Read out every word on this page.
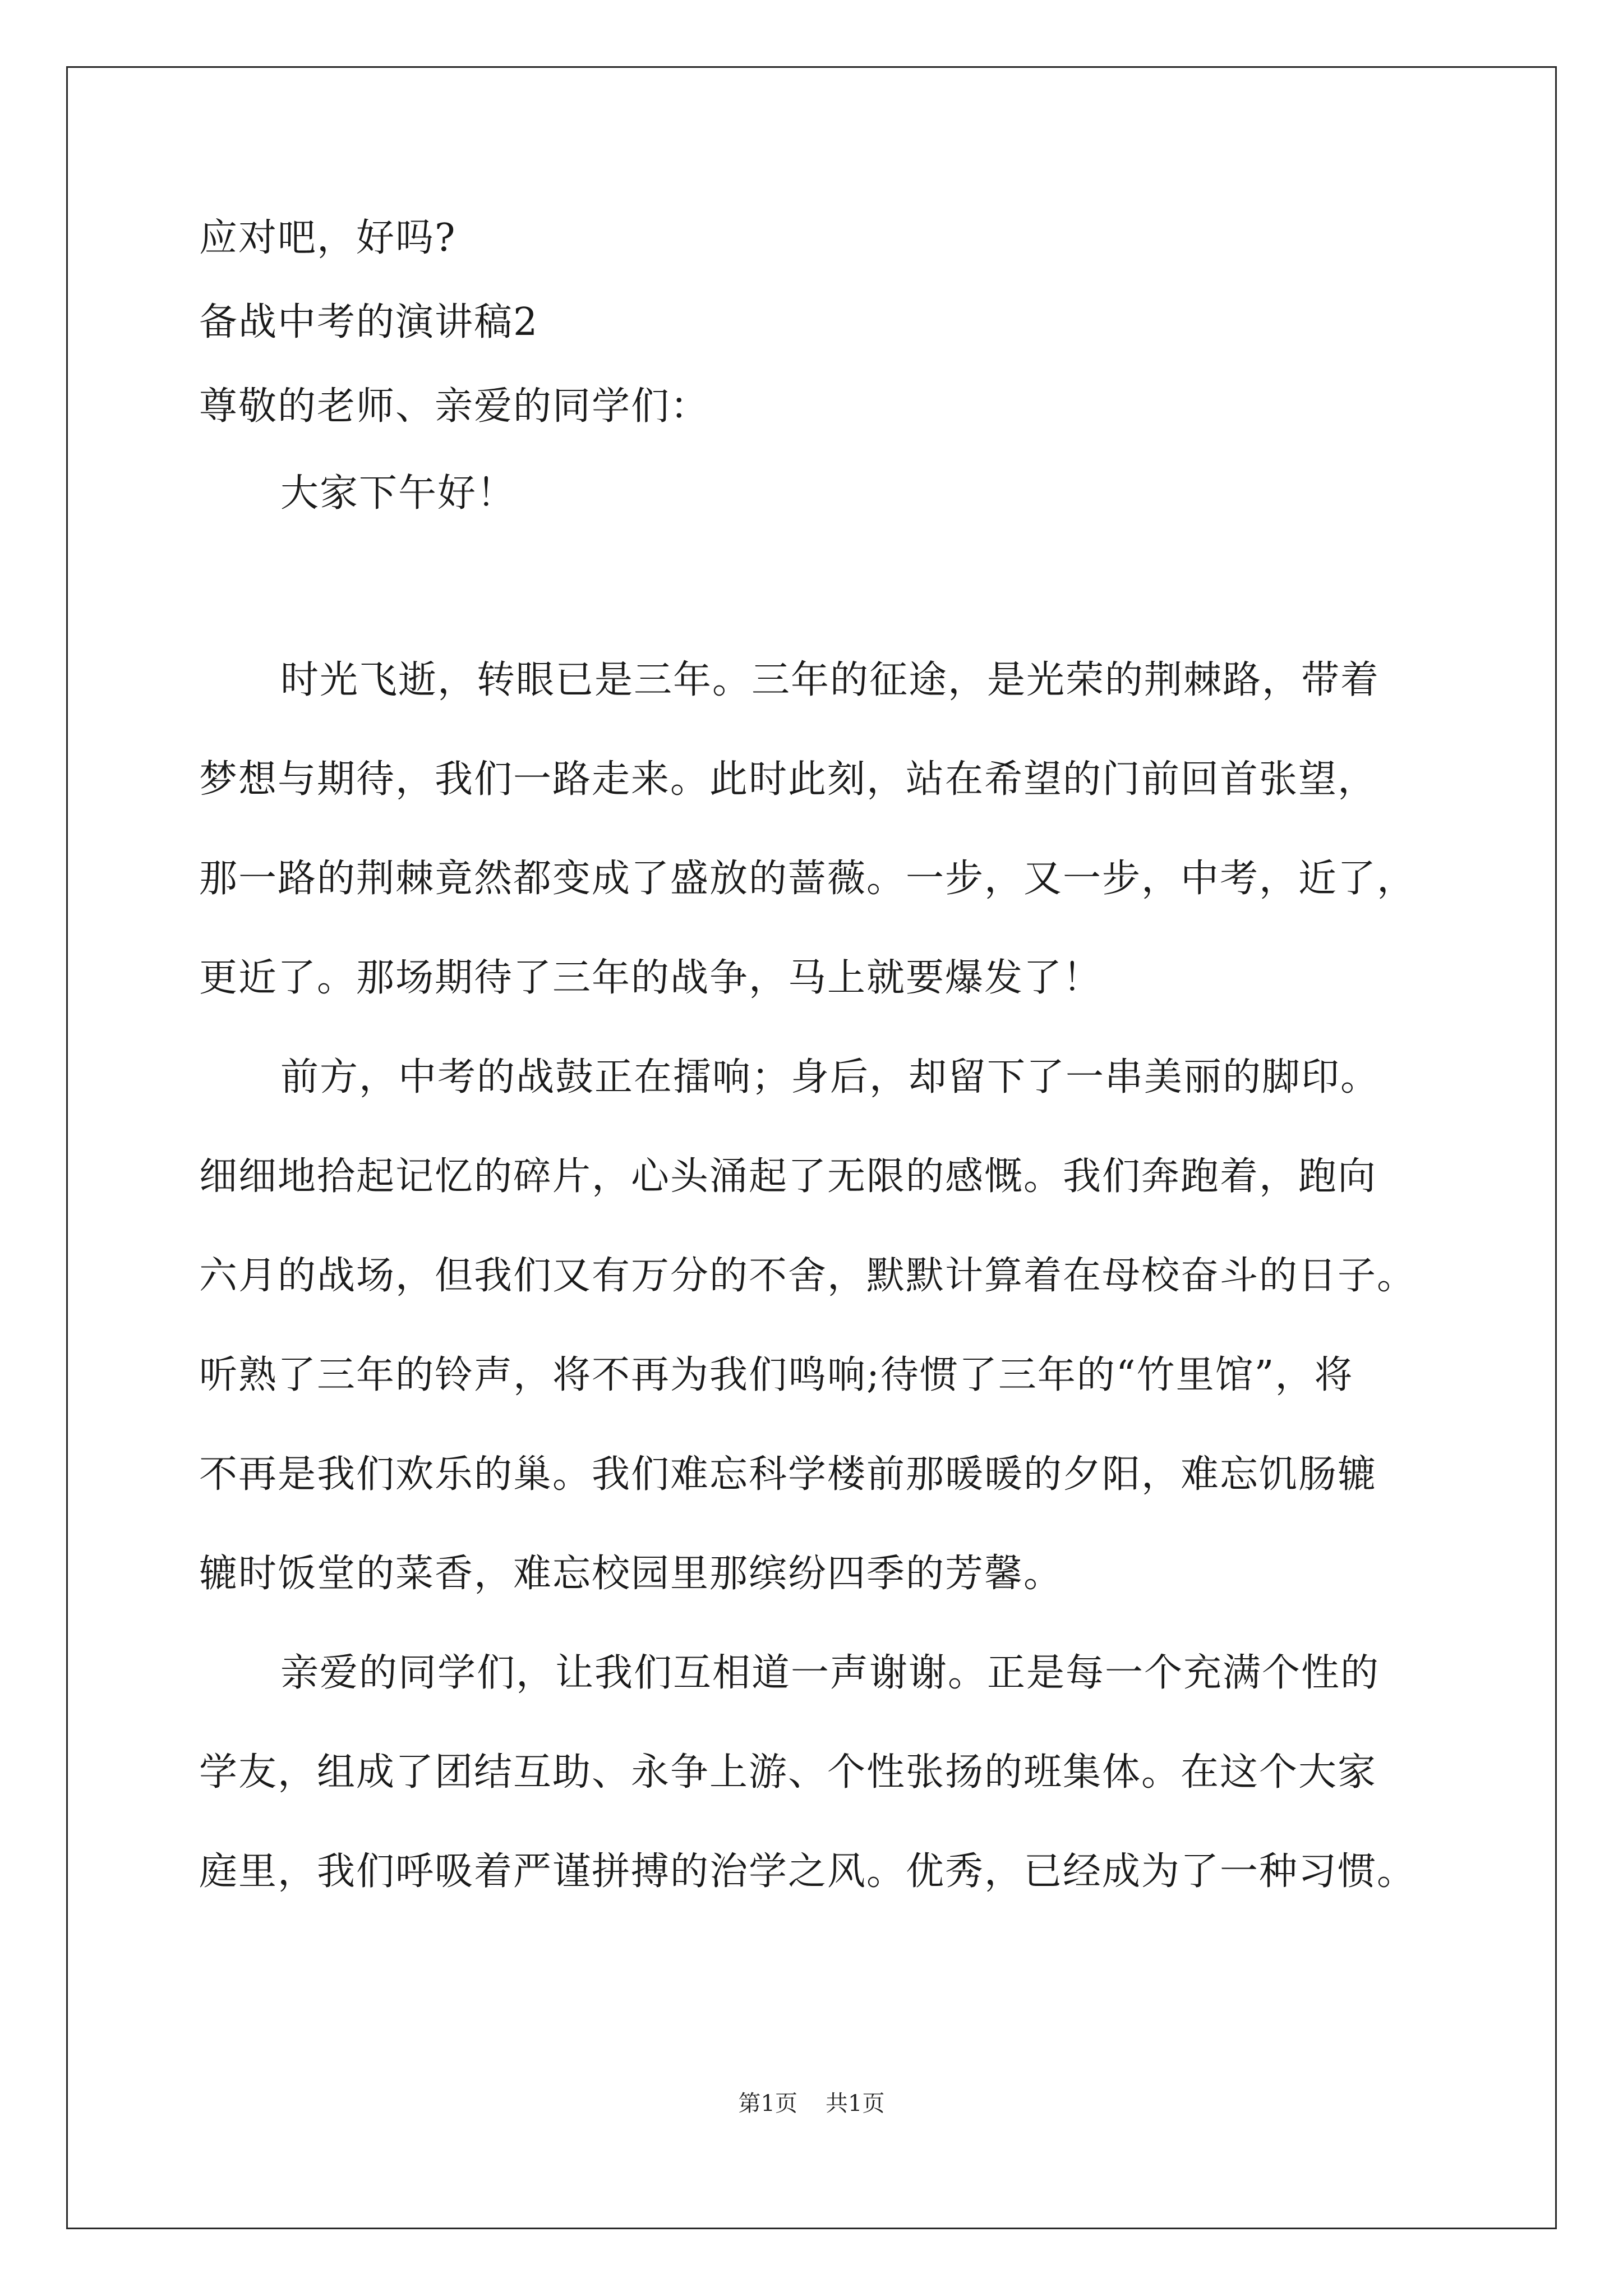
应对吧，好吗?
备战中考的演讲稿2
尊敬的老师、亲爱的同学们：
大家下午好！
时光飞逝，转眼已是三年。三年的征途，是光荣的荆棘路，带着
梦想与期待，我们一路走来。此时此刻，站在希望的门前回首张望，
那一路的荆棘竟然都变成了盛放的蔷薇。一步，又一步，中考，近了，
更近了。那场期待了三年的战争，马上就要爆发了！
前方，中考的战鼓正在擂响；身后，却留下了一串美丽的脚印。
细细地拾起记忆的碎片，心头涌起了无限的感慨。我们奔跑着，跑向
六月的战场，但我们又有万分的不舍，默默计算着在母校奋斗的日子。
听熟了三年的铃声，将不再为我们鸣响;待惯了三年的“竹里馆”，将
不再是我们欢乐的巢。我们难忘科学楼前那暖暖的夕阳，难忘饥肠辘
辘时饭堂的菜香，难忘校园里那缤纷四季的芳馨。
亲爱的同学们，让我们互相道一声谢谢。正是每一个充满个性的
学友，组成了团结互助、永争上游、个性张扬的班集体。在这个大家
庭里，我们呼吸着严谨拼搏的治学之风。优秀，已经成为了一种习惯。
第1页 共1页
